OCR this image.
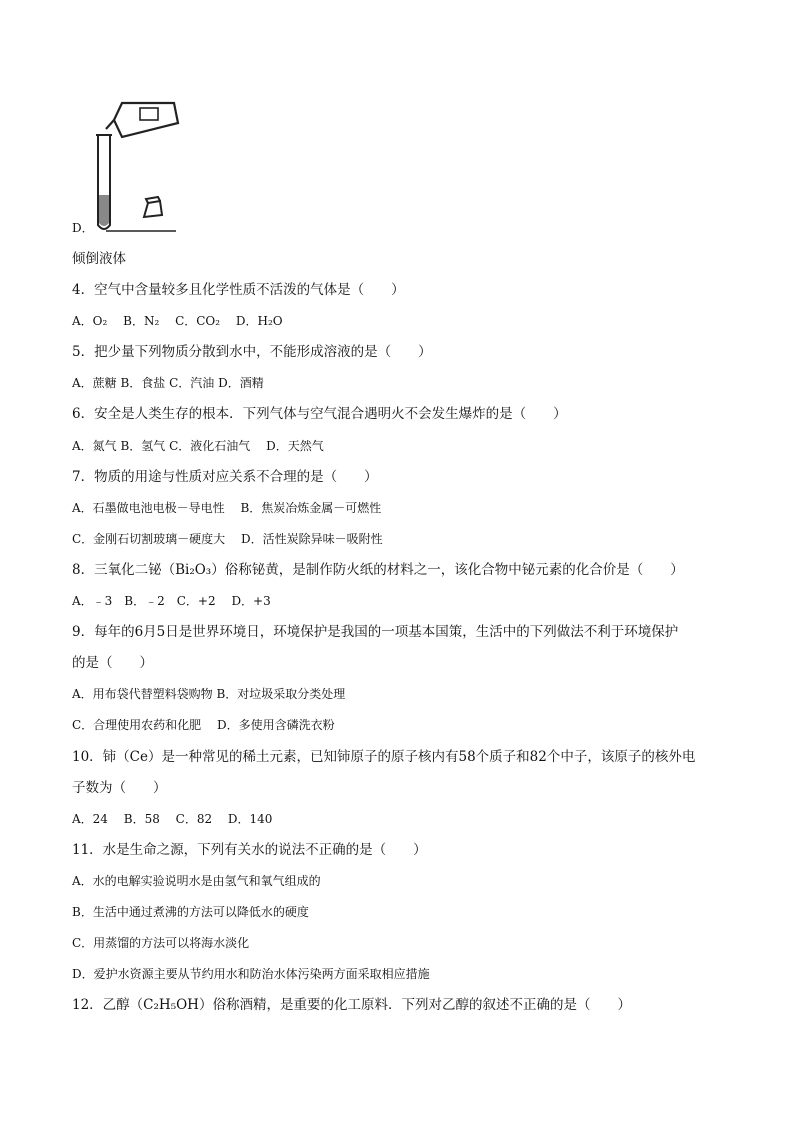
D．
倾倒液体
4．空气中含量较多且化学性质不活泼的气体是（　　）
A．O₂　 B．N₂　 C．CO₂　 D．H₂O
5．把少量下列物质分散到水中，不能形成溶液的是（　　）
A．蔗糖 B．食盐 C．汽油 D．酒精
6．安全是人类生存的根本．下列气体与空气混合遇明火不会发生爆炸的是（　　）
A．氮气 B．氢气 C．液化石油气　 D．天然气
7．物质的用途与性质对应关系不合理的是（　　）
A．石墨做电池电极－导电性　 B．焦炭冶炼金属－可燃性
C．金刚石切割玻璃－硬度大　 D．活性炭除异味－吸附性
8．三氧化二铋（Bi₂O₃）俗称铋黄，是制作防火纸的材料之一，该化合物中铋元素的化合价是（　　）
A．﹣3　B．﹣2　C．+2　 D．+3
9．每年的6月5日是世界环境日，环境保护是我国的一项基本国策，生活中的下列做法不利于环境保护
的是（　　）
A．用布袋代替塑料袋购物 B．对垃圾采取分类处理
C．合理使用农药和化肥　 D．多使用含磷洗衣粉
10．铈（Ce）是一种常见的稀土元素，已知铈原子的原子核内有58个质子和82个中子，该原子的核外电
子数为（　　）
A．24　 B．58　 C．82　 D．140
11．水是生命之源，下列有关水的说法不正确的是（　　）
A．水的电解实验说明水是由氢气和氧气组成的
B．生活中通过煮沸的方法可以降低水的硬度
C．用蒸馏的方法可以将海水淡化
D．爱护水资源主要从节约用水和防治水体污染两方面采取相应措施
12．乙醇（C₂H₅OH）俗称酒精，是重要的化工原料．下列对乙醇的叙述不正确的是（　　）
